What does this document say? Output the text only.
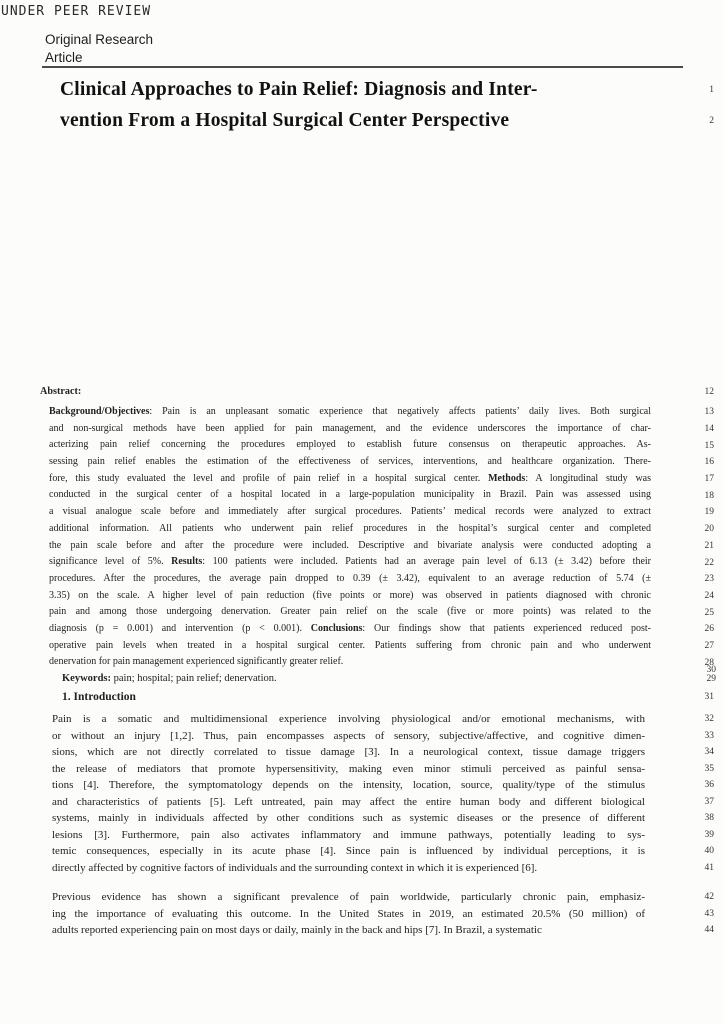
UNDER PEER REVIEW
Original Research
Article
Clinical Approaches to Pain Relief: Diagnosis and Inter-	1
vention From a Hospital Surgical Center Perspective	2
Abstract:	12
Background/Objectives: Pain is an unpleasant somatic experience that negatively affects patients’ daily lives. Both surgical	13
and non-surgical methods have been applied for pain management, and the evidence underscores the importance of char-	14
acterizing pain relief concerning the procedures employed to establish future consensus on therapeutic approaches. As-	15
sessing pain relief enables the estimation of the effectiveness of services, interventions, and healthcare organization. There-	16
fore, this study evaluated the level and profile of pain relief in a hospital surgical center. Methods: A longitudinal study was	17
conducted in the surgical center of a hospital located in a large-population municipality in Brazil. Pain was assessed using	18
a visual analogue scale before and immediately after surgical procedures. Patients’ medical records were analyzed to extract	19
additional information. All patients who underwent pain relief procedures in the hospital’s surgical center and completed	20
the pain scale before and after the procedure were included. Descriptive and bivariate analysis were conducted adopting a	21
significance level of 5%. Results: 100 patients were included. Patients had an average pain level of 6.13 (± 3.42) before their	22
procedures. After the procedures, the average pain dropped to 0.39 (± 3.42), equivalent to an average reduction of 5.74 (±	23
3.35) on the scale. A higher level of pain reduction (five points or more) was observed in patients diagnosed with chronic	24
pain and among those undergoing denervation. Greater pain relief on the scale (five or more points) was related to the	25
diagnosis (p = 0.001) and intervention (p < 0.001). Conclusions: Our findings show that patients experienced reduced post-	26
operative pain levels when treated in a hospital surgical center. Patients suffering from chronic pain and who underwent	27
denervation for pain management experienced significantly greater relief.	28
Keywords: pain; hospital; pain relief; denervation.
30
29
1. Introduction	31
Pain is a somatic and multidimensional experience involving physiological and/or emotional mechanisms, with	32
or without an injury [1,2]. Thus, pain encompasses aspects of sensory, subjective/affective, and cognitive dimen-	33
sions, which are not directly correlated to tissue damage [3]. In a neurological context, tissue damage triggers	34
the release of mediators that promote hypersensitivity, making even minor stimuli perceived as painful sensa-	35
tions [4]. Therefore, the symptomatology depends on the intensity, location, source, quality/type of the stimulus	36
and characteristics of patients [5]. Left untreated, pain may affect the entire human body and different biological	37
systems, mainly in individuals affected by other conditions such as systemic diseases or the presence of different	38
lesions [3]. Furthermore, pain also activates inflammatory and immune pathways, potentially leading to sys-	39
temic consequences, especially in its acute phase [4]. Since pain is influenced by individual perceptions, it is	40
directly affected by cognitive factors of individuals and the surrounding context in which it is experienced [6].	41
Previous evidence has shown a significant prevalence of pain worldwide, particularly chronic pain, emphasiz-	42
ing the importance of evaluating this outcome. In the United States in 2019, an estimated 20.5% (50 million) of	43
adults reported experiencing pain on most days or daily, mainly in the back and hips [7]. In Brazil, a systematic	44
